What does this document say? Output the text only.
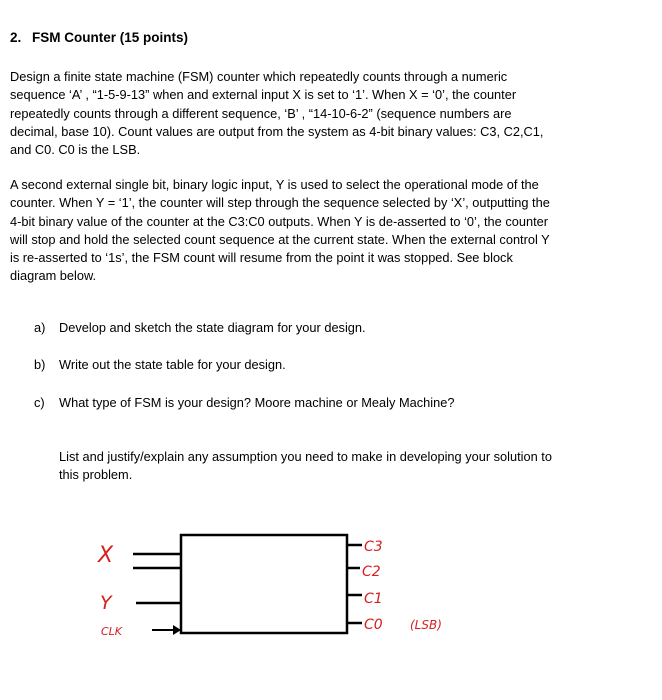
2. FSM Counter (15 points)

Design a finite state machine (FSM) counter which repeatedly counts through a numeric
sequence ‘A’ , “1-5-9-13” when and external input X is set to ‘1’. When X = ‘0’, the counter
repeatedly counts through a different sequence, ‘B’ , “14-10-6-2” (sequence numbers are
decimal, base 10). Count values are output from the system as 4-bit binary values: C3, C2,C1,
and C0. C0 is the LSB.

A second external single bit, binary logic input, Y is used to select the operational mode of the
counter. When Y = ‘1’, the counter will step through the sequence selected by ‘X’, outputting the
4-bit binary value of the counter at the C3:C0 outputs. When Y is de-asserted to ‘0’, the counter
will stop and hold the selected count sequence at the current state. When the external control Y
is re-asserted to ‘1s’, the FSM count will resume from the point it was stopped. See block
diagram below.

a) Develop and sketch the state diagram for your design.
b) Write out the state table for your design.
c) What type of FSM is your design? Moore machine or Mealy Machine?

List and justify/explain any assumption you need to make in developing your solution to
this problem.

X
Y
CLK
C3
C2
C1
C0 (LSB)
